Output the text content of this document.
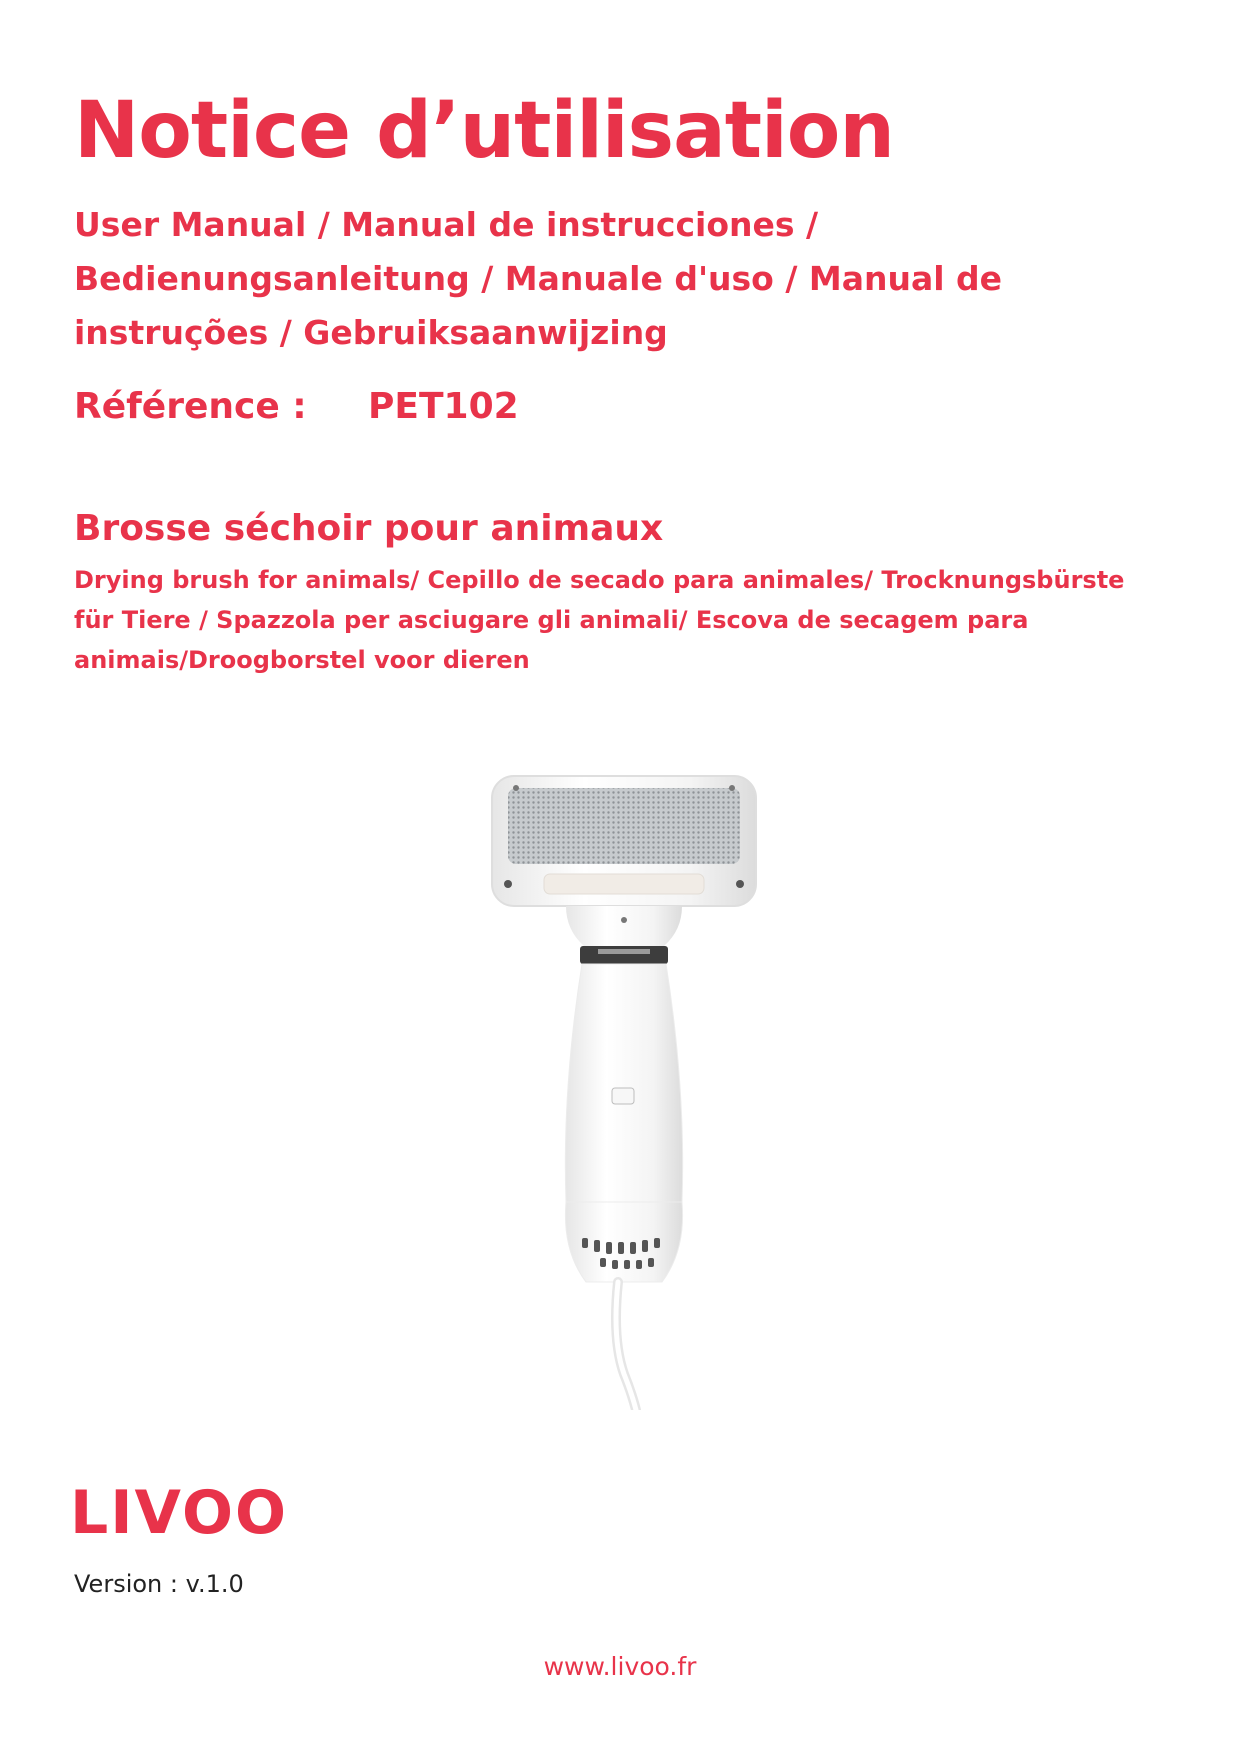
Notice d’utilisation
User Manual / Manual de instrucciones / Bedienungsanleitung / Manuale d'uso / Manual de instruções / Gebruiksaanwijzing
Référence : PET102
Brosse séchoir pour animaux
Drying brush for animals/ Cepillo de secado para animales/ Trocknungsbürste für Tiere / Spazzola per asciugare gli animali/ Escova de secagem para animais/Droogborstel voor dieren
LIVOO
Version : v.1.0
www.livoo.fr
